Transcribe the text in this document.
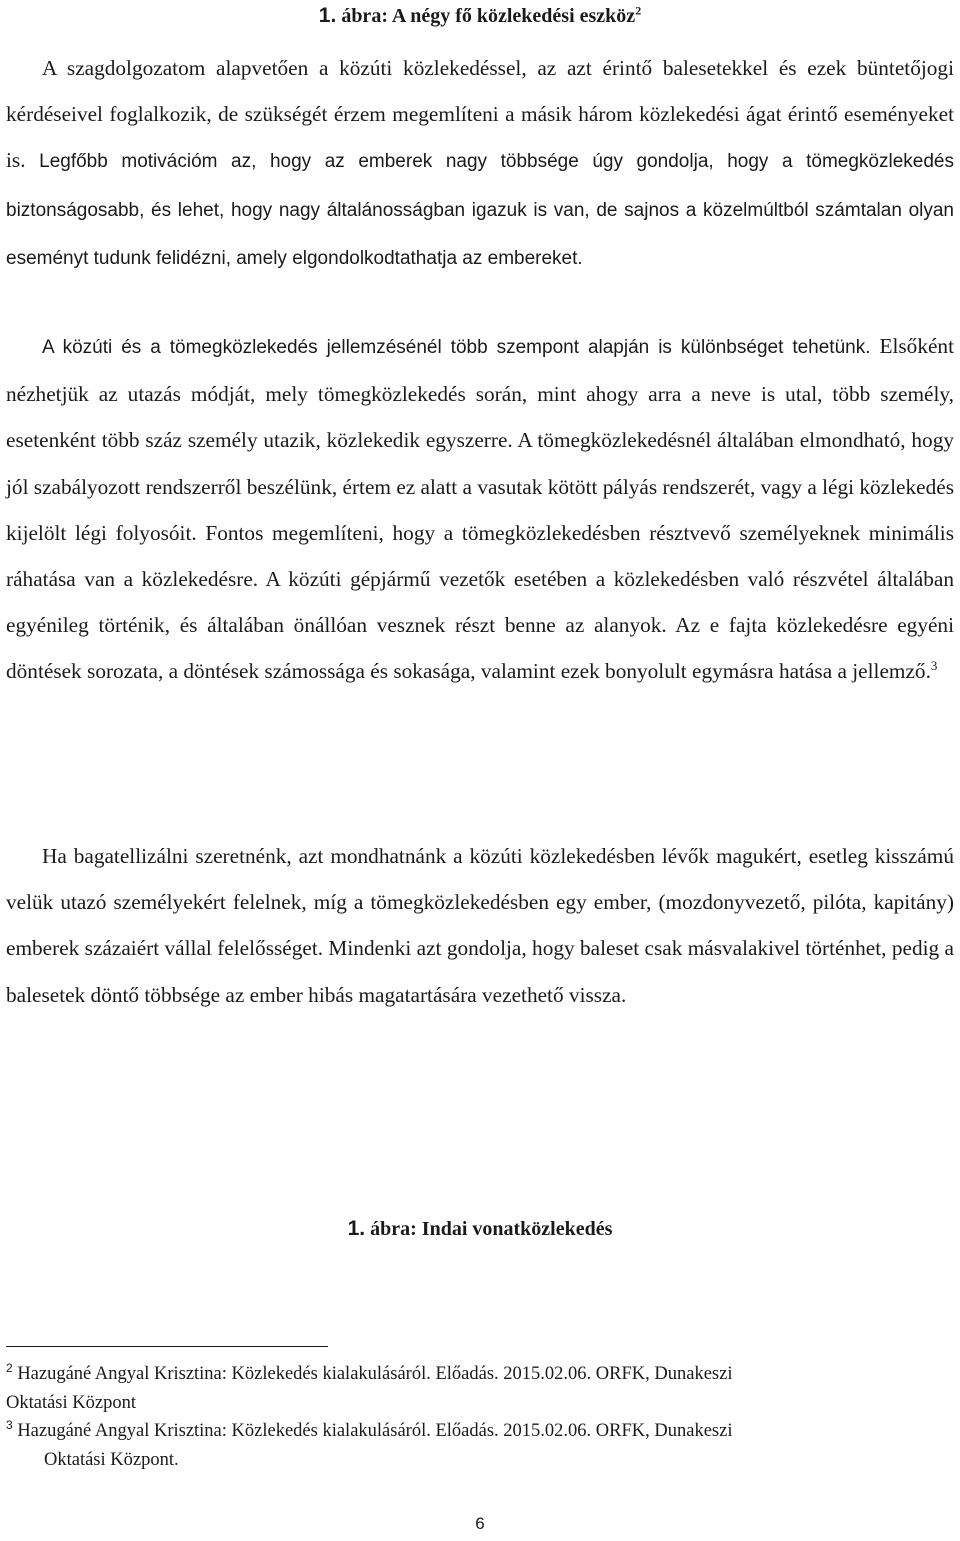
1. ábra: A négy fő közlekedési eszköz$^2$

A szagdolgozatom alapvetően a közúti közlekedéssel, az azt érintő balesetekkel és ezek büntetőjogi kérdéseivel foglalkozik, de szükségét érzem megemlíteni a másik három közlekedési ágat érintő eseményeket is. Legfőbb motivációm az, hogy az emberek nagy többsége úgy gondolja, hogy a tömegközlekedés biztonságosabb, és lehet, hogy nagy általánosságban igazuk is van, de sajnos a közelmúltból számtalan olyan eseményt tudunk felidézni, amely elgondolkodtathatja az embereket.

A közúti és a tömegközlekedés jellemzésénél több szempont alapján is különbséget tehetünk. Elsőként nézhetjük az utazás módját, mely tömegközlekedés során, mint ahogy arra a neve is utal, több személy, esetenként több száz személy utazik, közlekedik egyszerre. A tömegközlekedésnél általában elmondható, hogy jól szabályozott rendszerről beszélünk, értem ez alatt a vasutak kötött pályás rendszerét, vagy a légi közlekedés kijelölt légi folyosóit. Fontos megemlíteni, hogy a tömegközlekedésben résztvevő személyeknek minimális ráhatása van a közlekedésre. A közúti gépjármű vezetők esetében a közlekedésben való részvétel általában egyénileg történik, és általában önállóan vesznek részt benne az alanyok. Az e fajta közlekedésre egyéni döntések sorozata, a döntések számossága és sokasága, valamint ezek bonyolult egymásra hatása a jellemző.$^3$

Ha bagatellizálni szeretnénk, azt mondhatnánk a közúti közlekedésben lévők magukért, esetleg kisszámú velük utazó személyekért felelnek, míg a tömegközlekedésben egy ember, (mozdonyvezető, pilóta, kapitány) emberek százaiért vállal felelősséget. Mindenki azt gondolja, hogy baleset csak másvalakivel történhet, pedig a balesetek döntő többsége az ember hibás magatartására vezethető vissza.

1. ábra: Indai vonatközlekedés
$^2$ Hazugáné Angyal Krisztina: Közlekedés kialakulásáról. Előadás. 2015.02.06. ORFK, Dunakeszi
Oktatási Központ
$^3$ Hazugáné Angyal Krisztina: Közlekedés kialakulásáról. Előadás. 2015.02.06. ORFK, Dunakeszi
Oktatási Központ.
6
